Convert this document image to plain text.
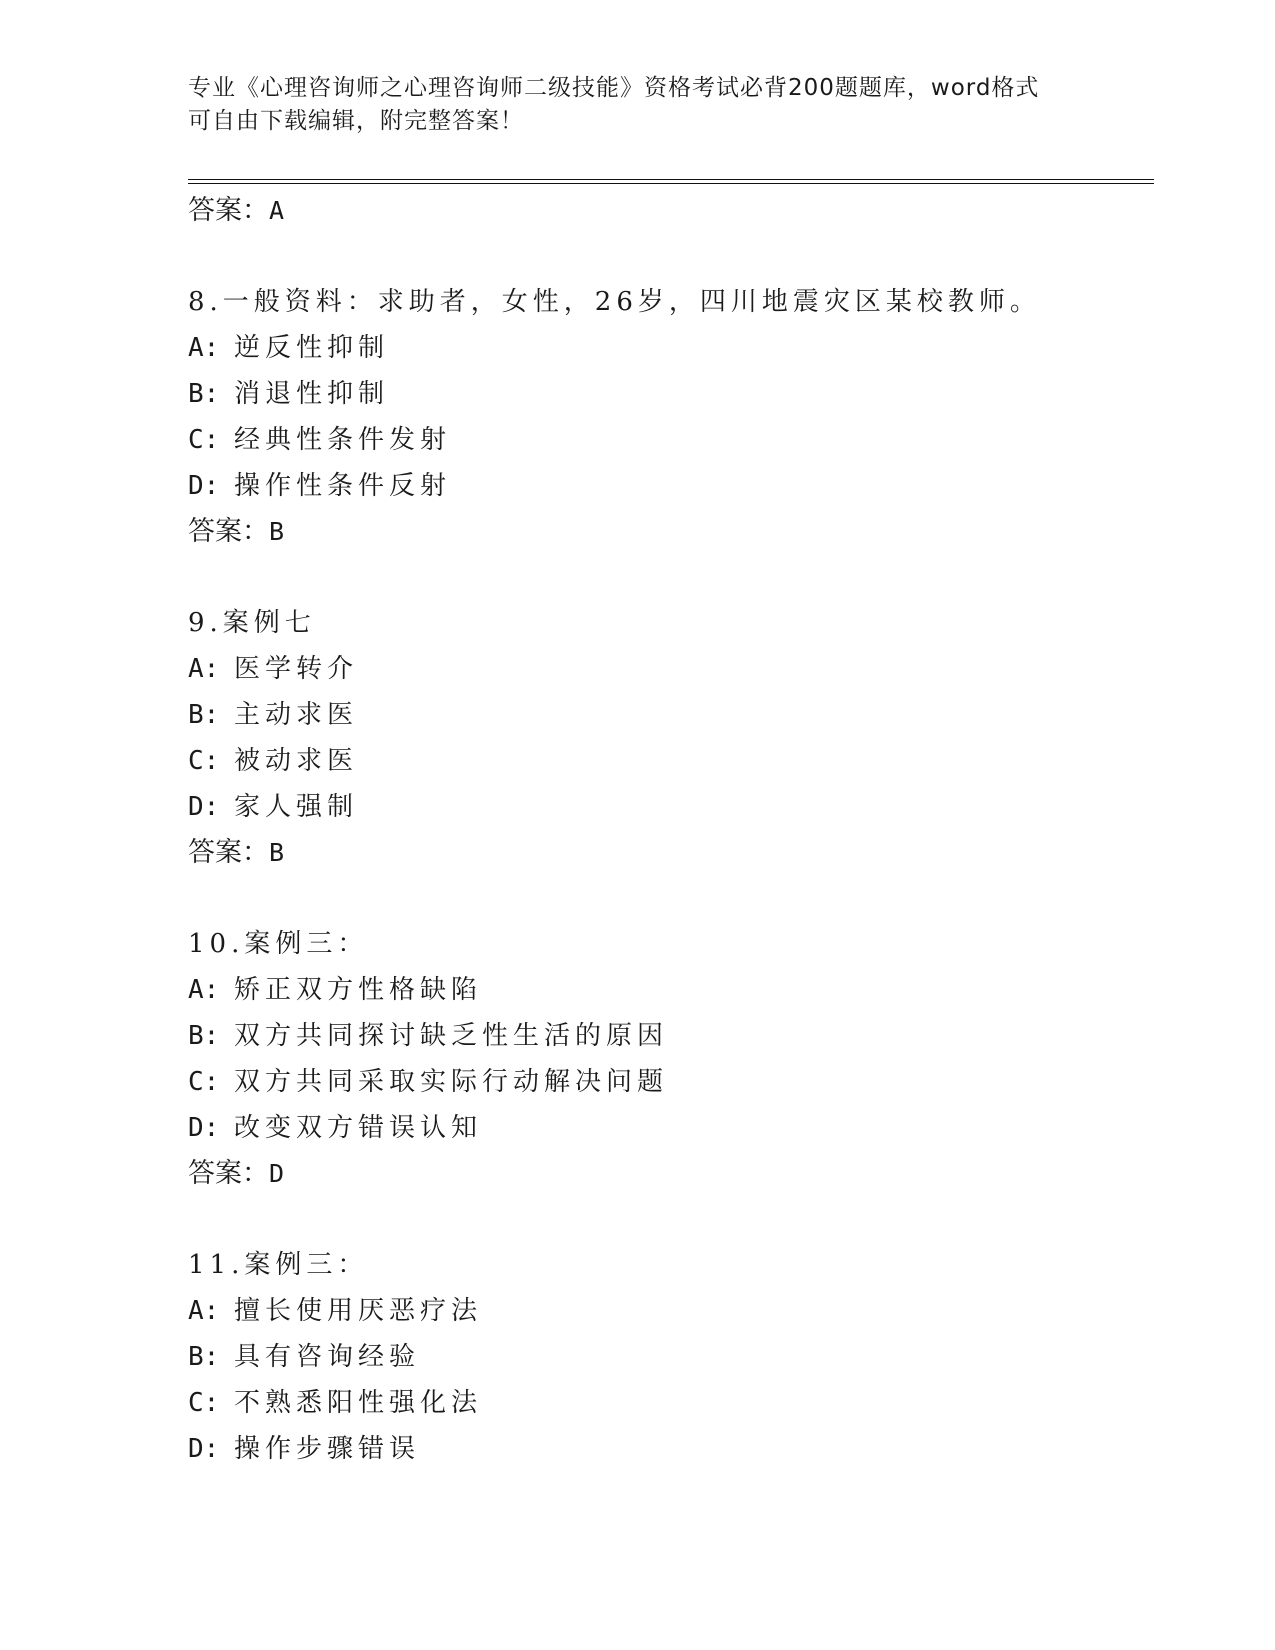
专业《心理咨询师之心理咨询师二级技能》资格考试必背200题题库，word格式
可自由下载编辑，附完整答案！
答案：A
8.一般资料：求助者，女性，26岁，四川地震灾区某校教师。
A: 逆反性抑制
B: 消退性抑制
C: 经典性条件发射
D: 操作性条件反射
答案：B
9.案例七
A: 医学转介
B: 主动求医
C: 被动求医
D: 家人强制
答案：B
10.案例三：
A: 矫正双方性格缺陷
B: 双方共同探讨缺乏性生活的原因
C: 双方共同采取实际行动解决问题
D: 改变双方错误认知
答案：D
11.案例三：
A: 擅长使用厌恶疗法
B: 具有咨询经验
C: 不熟悉阳性强化法
D: 操作步骤错误
